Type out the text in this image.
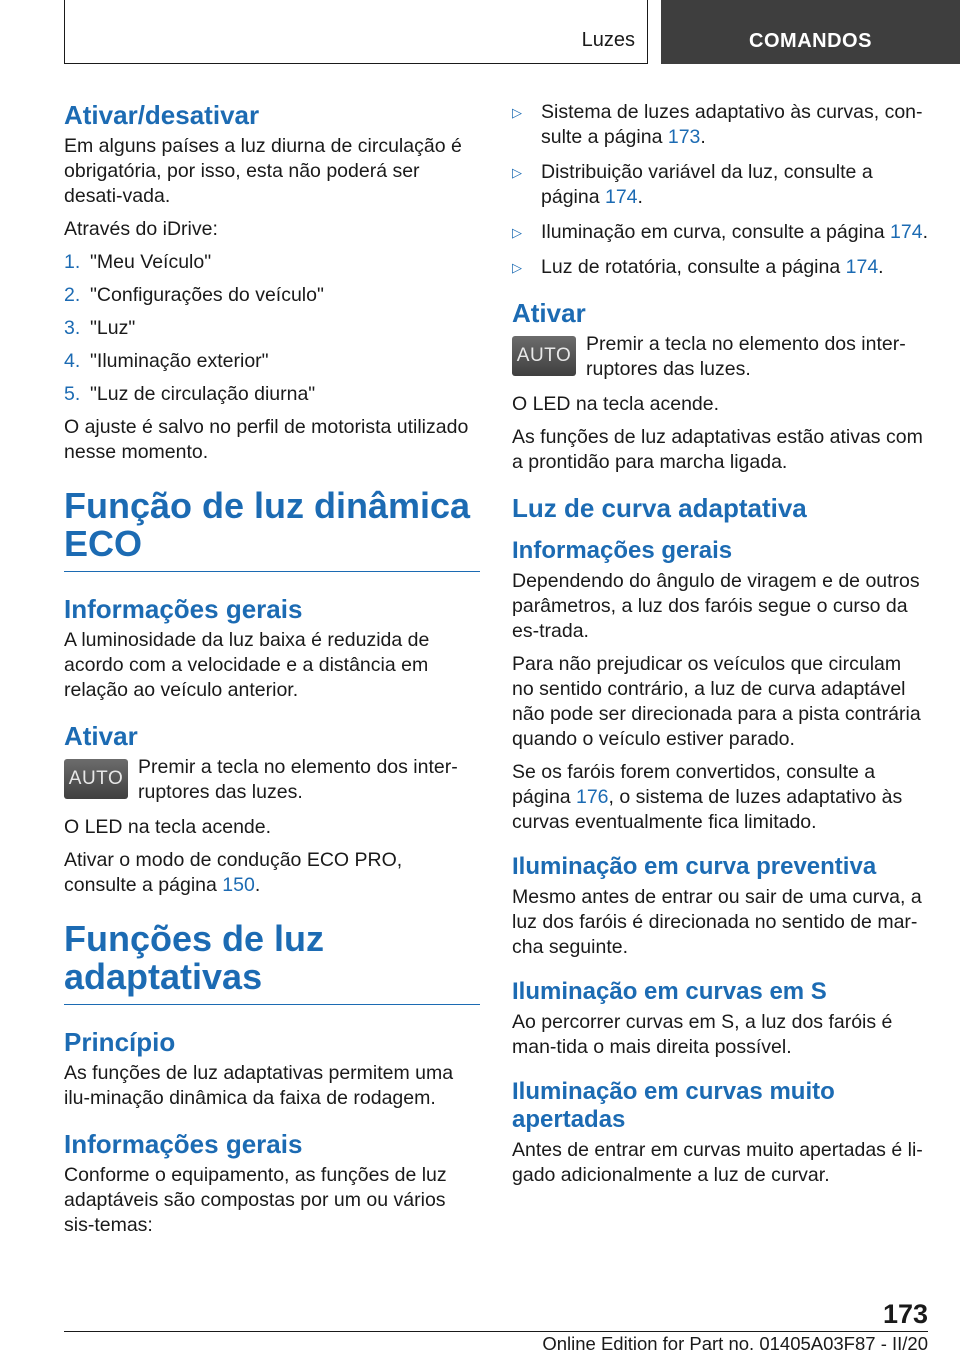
Luzes	COMANDOS
Ativar/desativar

Em alguns países a luz diurna de circulação é obrigatória, por isso, esta não poderá ser desati-vada.

Através do iDrive:

1. "Meu Veículo"
2. "Configurações do veículo"
3. "Luz"
4. "Iluminação exterior"
5. "Luz de circulação diurna"

O ajuste é salvo no perfil de motorista utilizado nesse momento.

Função de luz dinâmica ECO
Informações gerais

A luminosidade da luz baixa é reduzida de acordo com a velocidade e a distância em relação ao veículo anterior.

Ativar
AUTO

Premir a tecla no elemento dos inter-ruptores das luzes.

O LED na tecla acende.

Ativar o modo de condução ECO PRO, consulte a página 150.

Funções de luz adaptativas
Princípio

As funções de luz adaptativas permitem uma ilu-minação dinâmica da faixa de rodagem.

Informações gerais

Conforme o equipamento, as funções de luz adaptáveis são compostas por um ou vários sis-temas:

▷ Sistema de luzes adaptativo às curvas, con-sulte a página 173.
▷ Distribuição variável da luz, consulte a página 174.
▷ Iluminação em curva, consulte a página 174.
▷ Luz de rotatória, consulte a página 174.
Ativar
AUTO

Premir a tecla no elemento dos inter-ruptores das luzes.

O LED na tecla acende.

As funções de luz adaptativas estão ativas com a prontidão para marcha ligada.

Luz de curva adaptativa
Informações gerais

Dependendo do ângulo de viragem e de outros parâmetros, a luz dos faróis segue o curso da es-trada.

Para não prejudicar os veículos que circulam no sentido contrário, a luz de curva adaptável não pode ser direcionada para a pista contrária quando o veículo estiver parado.

Se os faróis forem convertidos, consulte a página 176, o sistema de luzes adaptativo às curvas eventualmente fica limitado.

Iluminação em curva preventiva

Mesmo antes de entrar ou sair de uma curva, a luz dos faróis é direcionada no sentido de mar-cha seguinte.

Iluminação em curvas em S

Ao percorrer curvas em S, a luz dos faróis é man-tida o mais direita possível.

Iluminação em curvas muito apertadas

Antes de entrar em curvas muito apertadas é li-gado adicionalmente a luz de curvar.

173
Online Edition for Part no. 01405A03F87 - II/20
